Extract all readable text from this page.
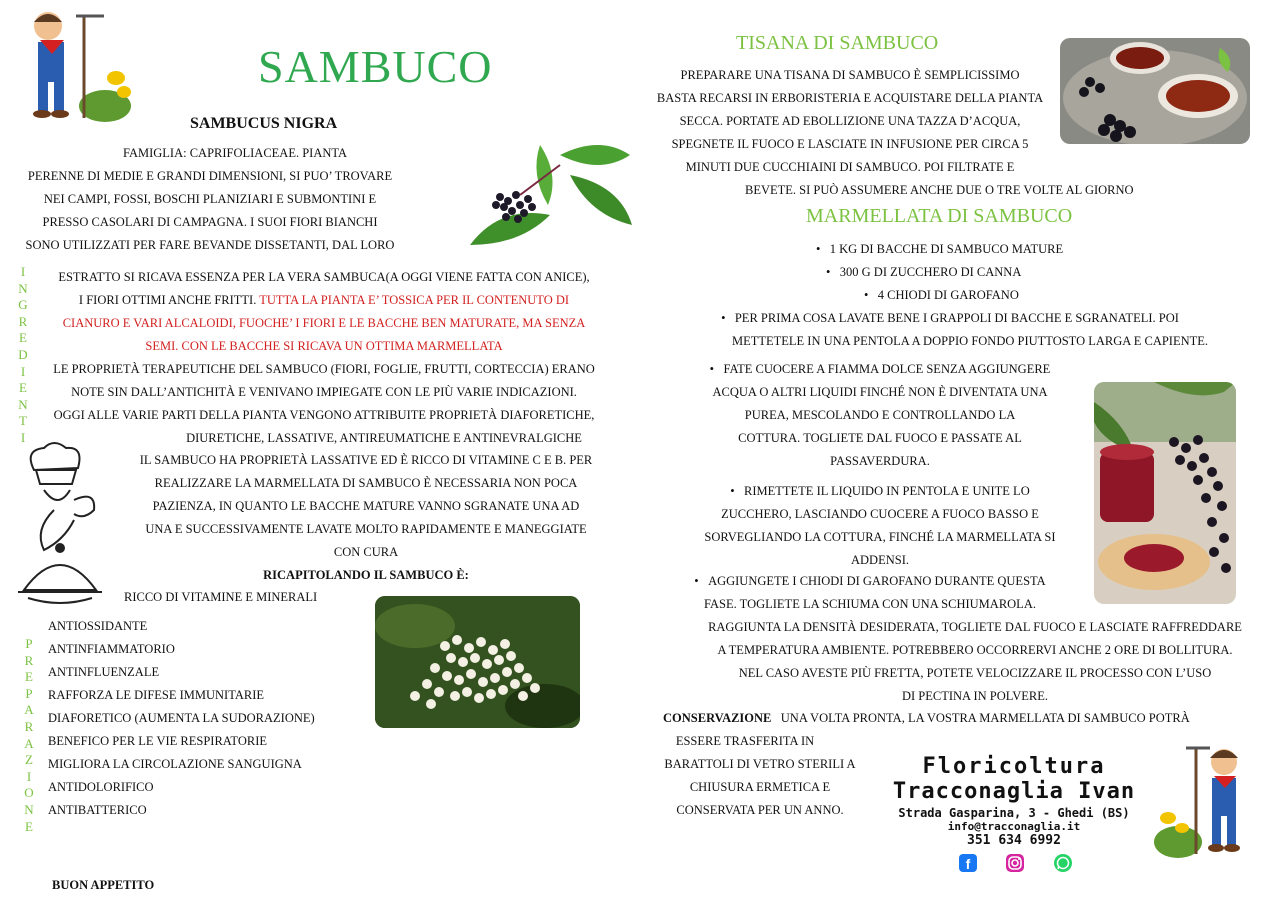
SAMBUCO
SAMBUCUS NIGRA
FAMIGLIA: CAPRIFOLIACEAE. PIANTA
PERENNE DI MEDIE E GRANDI DIMENSIONI, SI PUO’ TROVARE
NEI CAMPI, FOSSI, BOSCHI PLANIZIARI E SUBMONTINI E
PRESSO CASOLARI DI CAMPAGNA. I SUOI FIORI BIANCHI
SONO UTILIZZATI PER FARE BEVANDE DISSETANTI, DAL LORO
I
N
G
R
E
D
I
E
N
T
I
ESTRATTO SI RICAVA ESSENZA PER LA VERA SAMBUCA(A OGGI VIENE FATTA CON ANICE),
I FIORI OTTIMI ANCHE FRITTI. TUTTA LA PIANTA E’ TOSSICA PER IL CONTENUTO DI
CIANURO E VARI ALCALOIDI, FUOCHE’ I FIORI E LE BACCHE BEN MATURATE, MA SENZA
SEMI. CON LE BACCHE SI RICAVA UN OTTIMA MARMELLATA
LE PROPRIETÀ TERAPEUTICHE DEL SAMBUCO (FIORI, FOGLIE, FRUTTI, CORTECCIA) ERANO
NOTE SIN DALL’ANTICHITÀ E VENIVANO IMPIEGATE CON LE PIÙ VARIE INDICAZIONI.
OGGI ALLE VARIE PARTI DELLA PIANTA VENGONO ATTRIBUITE PROPRIETÀ DIAFORETICHE,
DIURETICHE, LASSATIVE, ANTIREUMATICHE E ANTINEVRALGICHE
IL SAMBUCO HA PROPRIETÀ LASSATIVE ED È RICCO DI VITAMINE C E B. PER
REALIZZARE LA MARMELLATA DI SAMBUCO È NECESSARIA NON POCA
PAZIENZA, IN QUANTO LE BACCHE MATURE VANNO SGRANATE UNA AD
UNA E SUCCESSIVAMENTE LAVATE MOLTO RAPIDAMENTE E MANEGGIATE
CON CURA
RICAPITOLANDO IL SAMBUCO È:
RICCO DI VITAMINE E MINERALI
P
R
E
P
A
R
A
Z
I
O
N
E
ANTIOSSIDANTE
ANTINFIAMMATORIO
ANTINFLUENZALE
RAFFORZA LE DIFESE IMMUNITARIE
DIAFORETICO (AUMENTA LA SUDORAZIONE)
BENEFICO PER LE VIE RESPIRATORIE
MIGLIORA LA CIRCOLAZIONE SANGUIGNA
ANTIDOLORIFICO
ANTIBATTERICO
BUON APPETITO
TISANA DI SAMBUCO
PREPARARE UNA TISANA DI SAMBUCO È SEMPLICISSIMO
BASTA RECARSI IN ERBORISTERIA E ACQUISTARE DELLA PIANTA
SECCA. PORTATE AD EBOLLIZIONE UNA TAZZA D’ACQUA,
SPEGNETE IL FUOCO E LASCIATE IN INFUSIONE PER CIRCA 5
MINUTI DUE CUCCHIAINI DI SAMBUCO. POI FILTRATE E
BEVETE. SI PUÒ ASSUMERE ANCHE DUE O TRE VOLTE AL GIORNO
MARMELLATA DI SAMBUCO
•   1 KG DI BACCHE DI SAMBUCO MATURE
•   300 G DI ZUCCHERO DI CANNA
•   4 CHIODI DI GAROFANO
•   PER PRIMA COSA LAVATE BENE I GRAPPOLI DI BACCHE E SGRANATELI. POI
METTETELE IN UNA PENTOLA A DOPPIO FONDO PIUTTOSTO LARGA E CAPIENTE.
•   FATE CUOCERE A FIAMMA DOLCE SENZA AGGIUNGERE
ACQUA O ALTRI LIQUIDI FINCHÉ NON È DIVENTATA UNA
PUREA, MESCOLANDO E CONTROLLANDO LA
COTTURA. TOGLIETE DAL FUOCO E PASSATE AL
PASSAVERDURA.
•   RIMETTETE IL LIQUIDO IN PENTOLA E UNITE LO
ZUCCHERO, LASCIANDO CUOCERE A FUOCO BASSO E
SORVEGLIANDO LA COTTURA, FINCHÉ LA MARMELLATA SI
ADDENSI.
•   AGGIUNGETE I CHIODI DI GAROFANO DURANTE QUESTA
FASE. TOGLIETE LA SCHIUMA CON UNA SCHIUMAROLA.
RAGGIUNTA LA DENSITÀ DESIDERATA, TOGLIETE DAL FUOCO E LASCIATE RAFFREDDARE
A TEMPERATURA AMBIENTE. POTREBBERO OCCORRERVI ANCHE 2 ORE DI BOLLITURA.
NEL CASO AVESTE PIÙ FRETTA, POTETE VELOCIZZARE IL PROCESSO CON L’USO
DI PECTINA IN POLVERE.
CONSERVAZIONE UNA VOLTA PRONTA, LA VOSTRA MARMELLATA DI SAMBUCO POTRÀ
ESSERE TRASFERITA IN
BARATTOLI DI VETRO STERILI A
CHIUSURA ERMETICA E
CONSERVATA PER UN ANNO.
Floricoltura
Tracconaglia Ivan
Strada Gasparina, 3 - Ghedi (BS)
info@tracconaglia.it
351 634 6992
f
